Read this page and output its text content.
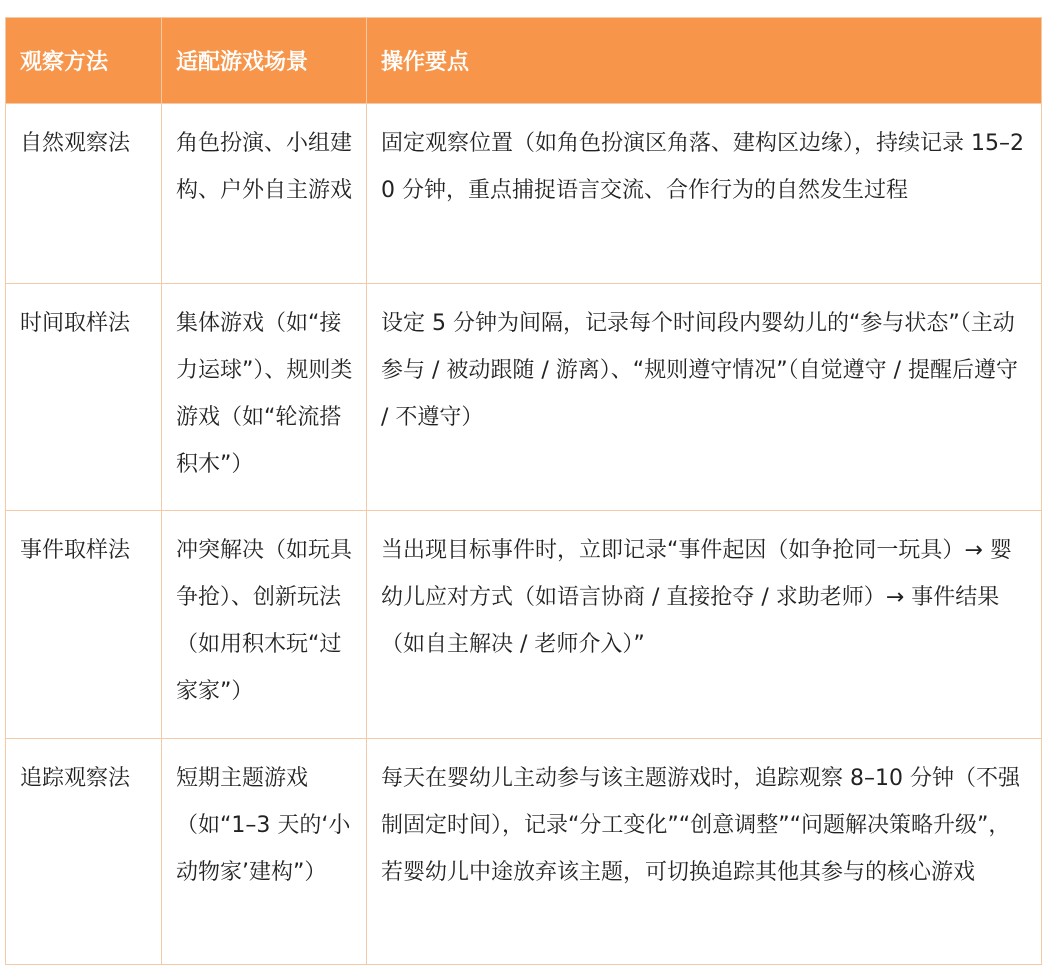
观察方法	适配游戏场景	操作要点
自然观察法	角色扮演、小组建构、户外自主游戏	固定观察位置（如角色扮演区角落、建构区边缘），持续记录 15–20 分钟，重点捕捉语言交流、合作行为的自然发生过程
时间取样法	集体游戏（如“接力运球”）、规则类游戏（如“轮流搭积木”）	设定 5 分钟为间隔，记录每个时间段内婴幼儿的“参与状态”（主动参与 / 被动跟随 / 游离）、“规则遵守情况”（自觉遵守 / 提醒后遵守 / 不遵守）
事件取样法	冲突解决（如玩具争抢）、创新玩法（如用积木玩“过家家”）	当出现目标事件时，立即记录“事件起因（如争抢同一玩具）→ 婴幼儿应对方式（如语言协商 / 直接抢夺 / 求助老师）→ 事件结果（如自主解决 / 老师介入）”
追踪观察法	短期主题游戏（如“1–3 天的‘小动物家’建构”）	每天在婴幼儿主动参与该主题游戏时，追踪观察 8–10 分钟（不强制固定时间），记录“分工变化”“创意调整”“问题解决策略升级”，若婴幼儿中途放弃该主题，可切换追踪其他其参与的核心游戏
